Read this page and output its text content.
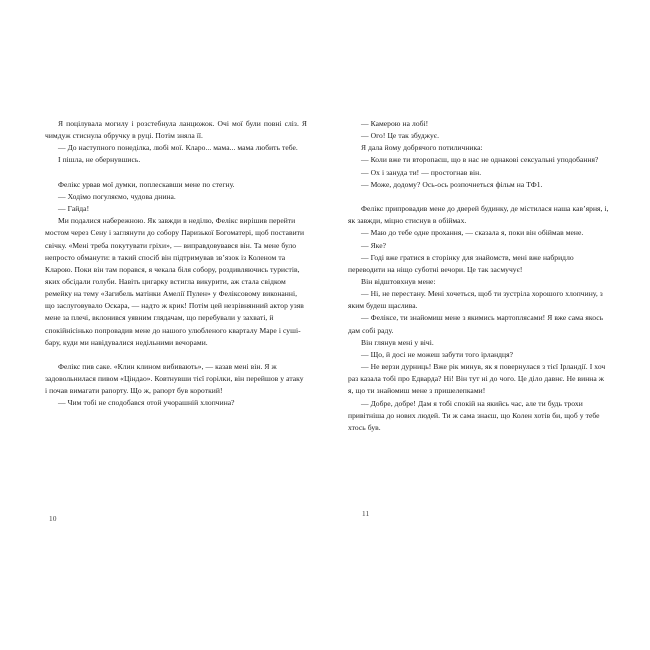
Я поцілувала могилу і розстебнула ланцюжок. Очі мої були повні сліз. Я чимдуж стиснула обручку в руці. Потім зняла її.

— До наступного понеділка, любі мої. Кларо... мама... мама любить тебе.

І пішла, не обернувшись.

Фелікс урвав мої думки, поплескавши мене по стегну.

— Ходімо погуляємо, чудова днина.

— Гайда!

Ми подалися набережною. Як завжди в неділю, Фелікс вирішив перейти мостом через Сену і заглянути до собору Паризької Богоматері, щоб поставити свічку. «Мені треба покутувати гріхи», — виправдовувався він. Та мене було непросто обманути: в такий спосіб він підтримував зв’язок із Коленом та Кларою. Поки він там порався, я чекала біля собору, роздивляючись туристів, яких обсідали голуби. Навіть цигарку встигла викурити, аж стала свідком ремейку на тему «Загибель матінки Амелії Пулен» у Феліксовому виконанні, що заслуговувало Оскара, — надто ж крик! Потім цей незрівнянний актор узяв мене за плечі, вклонився уявним глядачам, що перебували у захваті, й спокійнісінько попровадив мене до нашого улюбленого кварталу Маре і суші-бару, куди ми навідувалися недільними вечорами.

Фелікс пив саке. «Клин клином вибивають», — казав мені він. Я ж задовольнилася пивом «Ціндао». Ковтнувши тієї горілки, він перейшов у атаку і почав вимагати рапорту. Що ж, рапорт був короткий!

— Чим тобі не сподобався отой учорашній хлопчина?

10

— Камерою на лобі!

— Ого! Це так збуджує.

Я дала йому добрячого потиличника:

— Коли вже ти второпаєш, що в нас не однакові сексуальні уподобання?

— Ох і зануда ти! — простогнав він.

— Може, додому? Ось-ось розпочнеться фільм на ТФ1.

Фелікс припровадив мене до дверей будинку, де містилася наша кав’ярня, і, як завжди, міцно стиснув в обіймах.

— Маю до тебе одне прохання, — сказала я, поки він обіймав мене.

— Яке?

— Годі вже гратися в сторінку для знайомств, мені вже набридло переводити на ніщо суботні вечори. Це так засмучує!

Він відштовхнув мене:

— Ні, не перестану. Мені хочеться, щоб ти зустріла хорошого хлопчину, з яким будеш щаслива.

— Феліксе, ти знайомиш мене з якимись мартоплясами! Я вже сама якось дам собі раду.

Він глянув мені у вічі.

— Що, й досі не можеш забути того ірландця?

— Не верзи дурниць! Вже рік минув, як я повернулася з тієї Ірландії. І хоч раз казала тобі про Едварда? Ні! Він тут ні до чого. Це діло давнє. Не винна ж я, що ти знайомиш мене з пришелепками!

— Добре, добре! Дам я тобі спокій на якийсь час, але ти будь трохи привітніша до нових людей. Ти ж сама знаєш, що Колен хотів би, щоб у тебе хтось був.

11
